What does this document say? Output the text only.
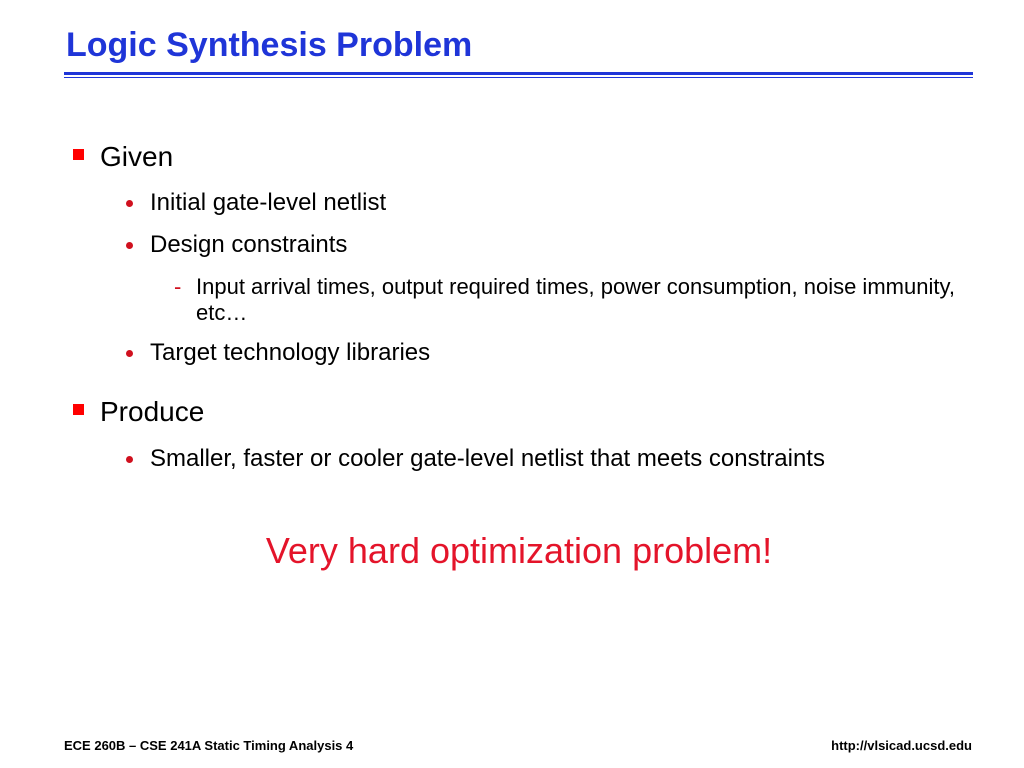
Logic Synthesis Problem
Given
Initial gate-level netlist
Design constraints
- Input arrival times, output required times, power consumption, noise immunity, etc…
Target technology libraries
Produce
Smaller, faster or cooler gate-level netlist that meets constraints
Very hard optimization problem!
ECE 260B – CSE 241A Static Timing Analysis 4	http://vlsicad.ucsd.edu
